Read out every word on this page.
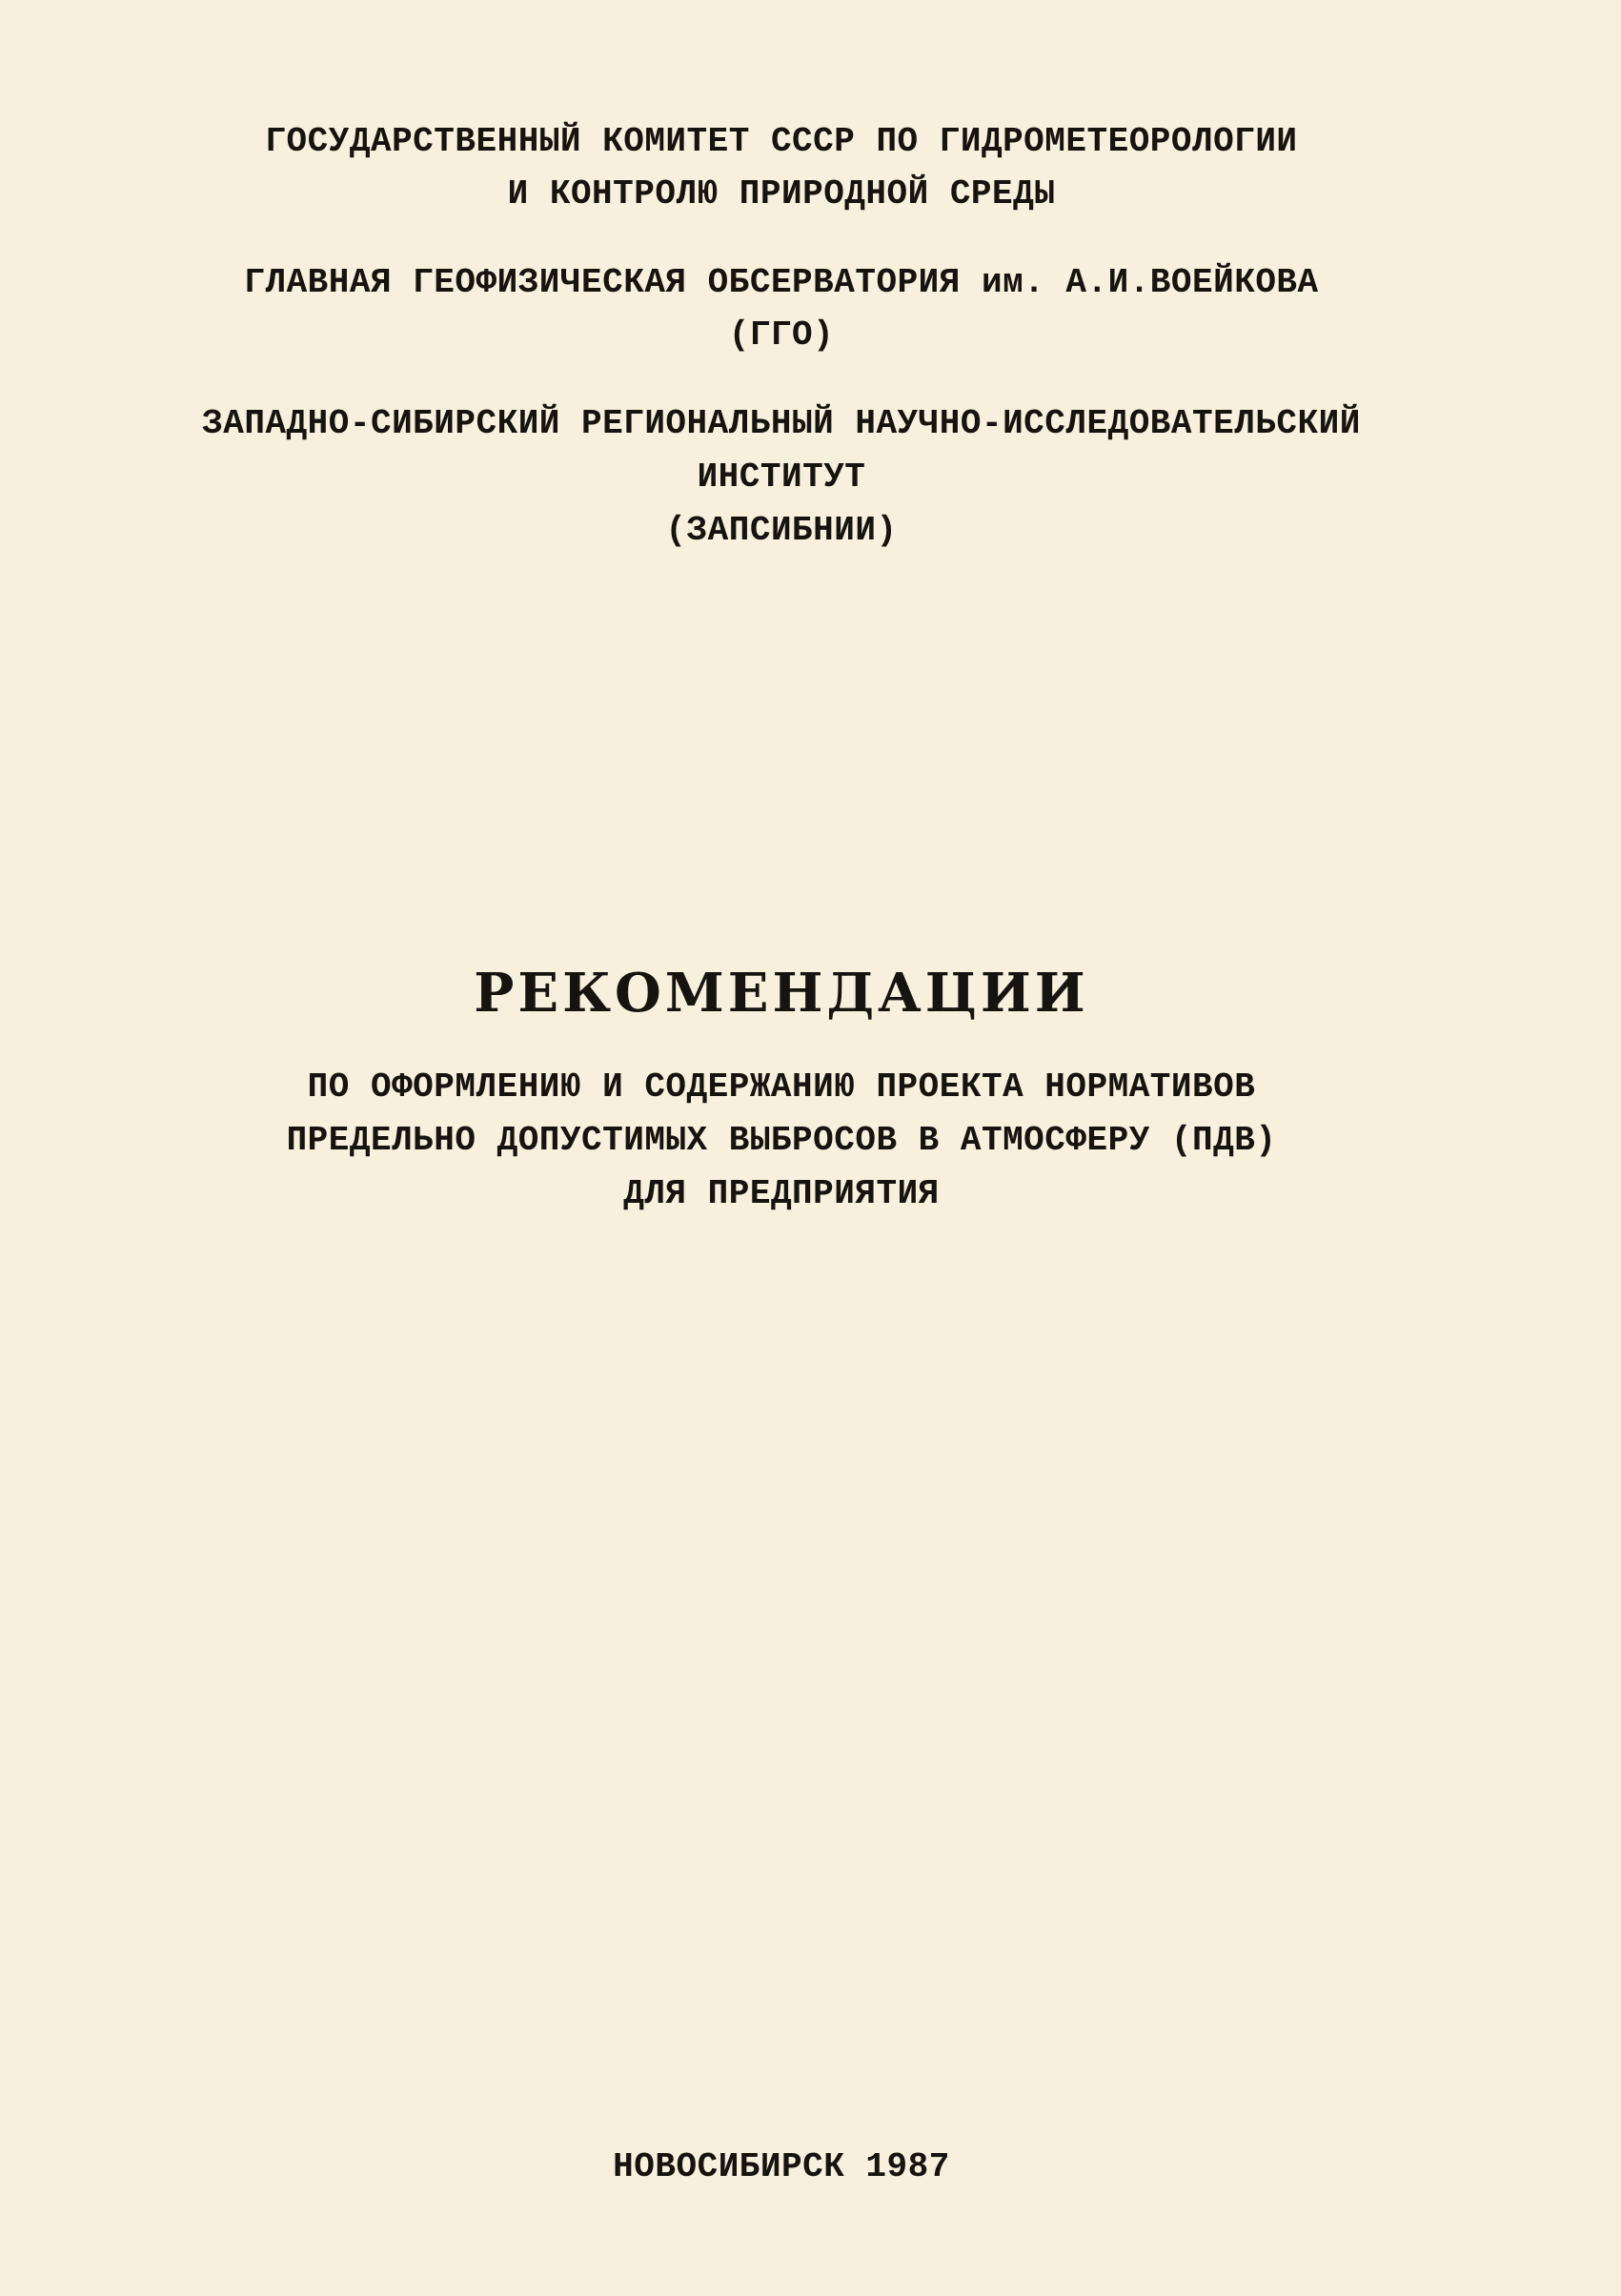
ГОСУДАРСТВЕННЫЙ КОМИТЕТ СССР ПО ГИДРОМЕТЕОРОЛОГИИ
И КОНТРОЛЮ ПРИРОДНОЙ СРЕДЫ
ГЛАВНАЯ ГЕОФИЗИЧЕСКАЯ ОБСЕРВАТОРИЯ им. А.И.ВОЕЙКОВА
(ГГО)
ЗАПАДНО-СИБИРСКИЙ РЕГИОНАЛЬНЫЙ НАУЧНО-ИССЛЕДОВАТЕЛЬСКИЙ
ИНСТИТУТ
(ЗАПСИБНИИ)
РЕКОМЕНДАЦИИ
ПО ОФОРМЛЕНИЮ И СОДЕРЖАНИЮ ПРОЕКТА НОРМАТИВОВ
ПРЕДЕЛЬНО ДОПУСТИМЫХ ВЫБРОСОВ В АТМОСФЕРУ (ПДВ)
ДЛЯ ПРЕДПРИЯТИЯ
НОВОСИБИРСК 1987
